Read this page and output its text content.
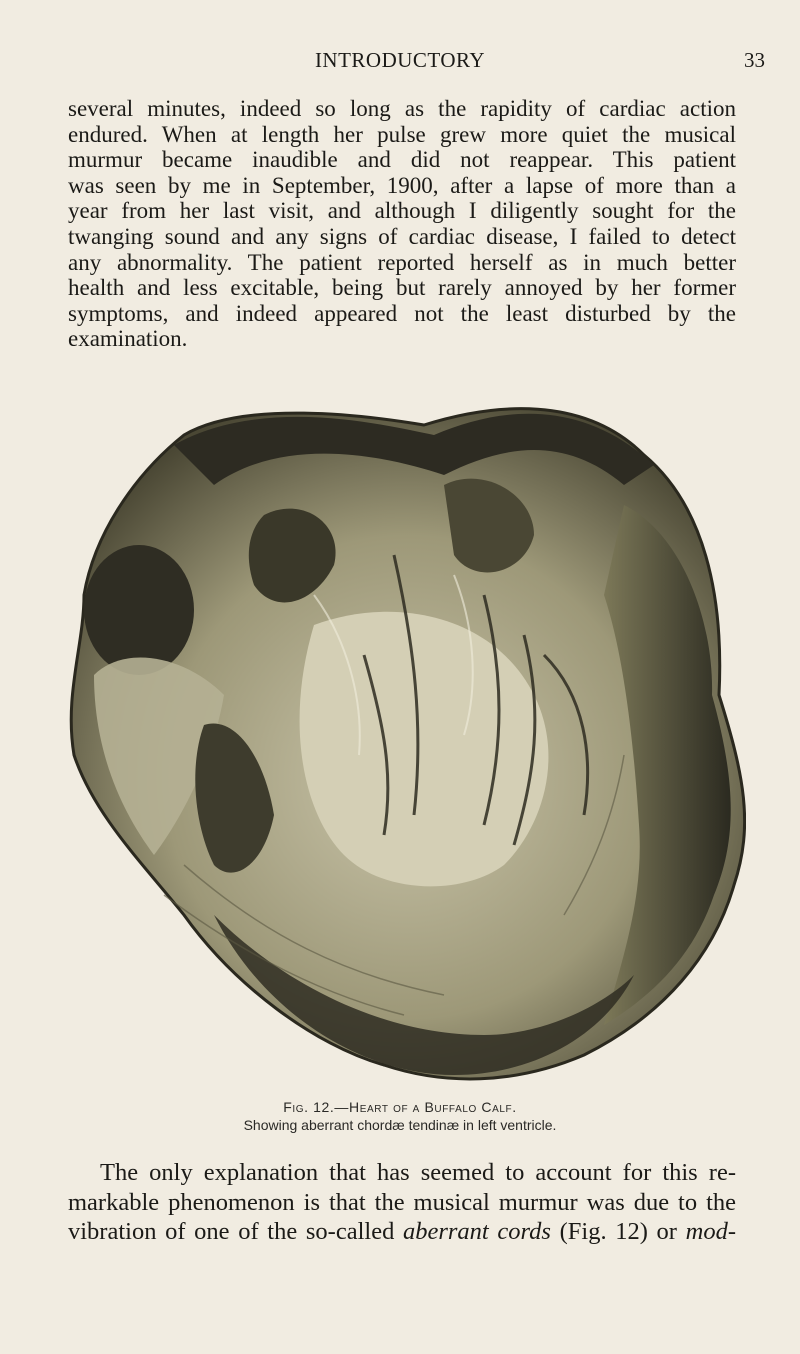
INTRODUCTORY	33

several minutes, indeed so long as the rapidity of cardiac action
endured. When at length her pulse grew more quiet the musical
murmur became inaudible and did not reappear. This patient
was seen by me in September, 1900, after a lapse of more than a
year from her last visit, and although I diligently sought for the
twanging sound and any signs of cardiac disease, I failed to detect
any abnormality. The patient reported herself as in much better
health and less excitable, being but rarely annoyed by her former
symptoms, and indeed appeared not the least disturbed by the
examination.

Fig. 12.—Heart of a Buffalo Calf.
Showing aberrant chordæ tendinæ in left ventricle.

The only explanation that has seemed to account for this re-
markable phenomenon is that the musical murmur was due to the
vibration of one of the so-called aberrant cords (Fig. 12) or mod-
